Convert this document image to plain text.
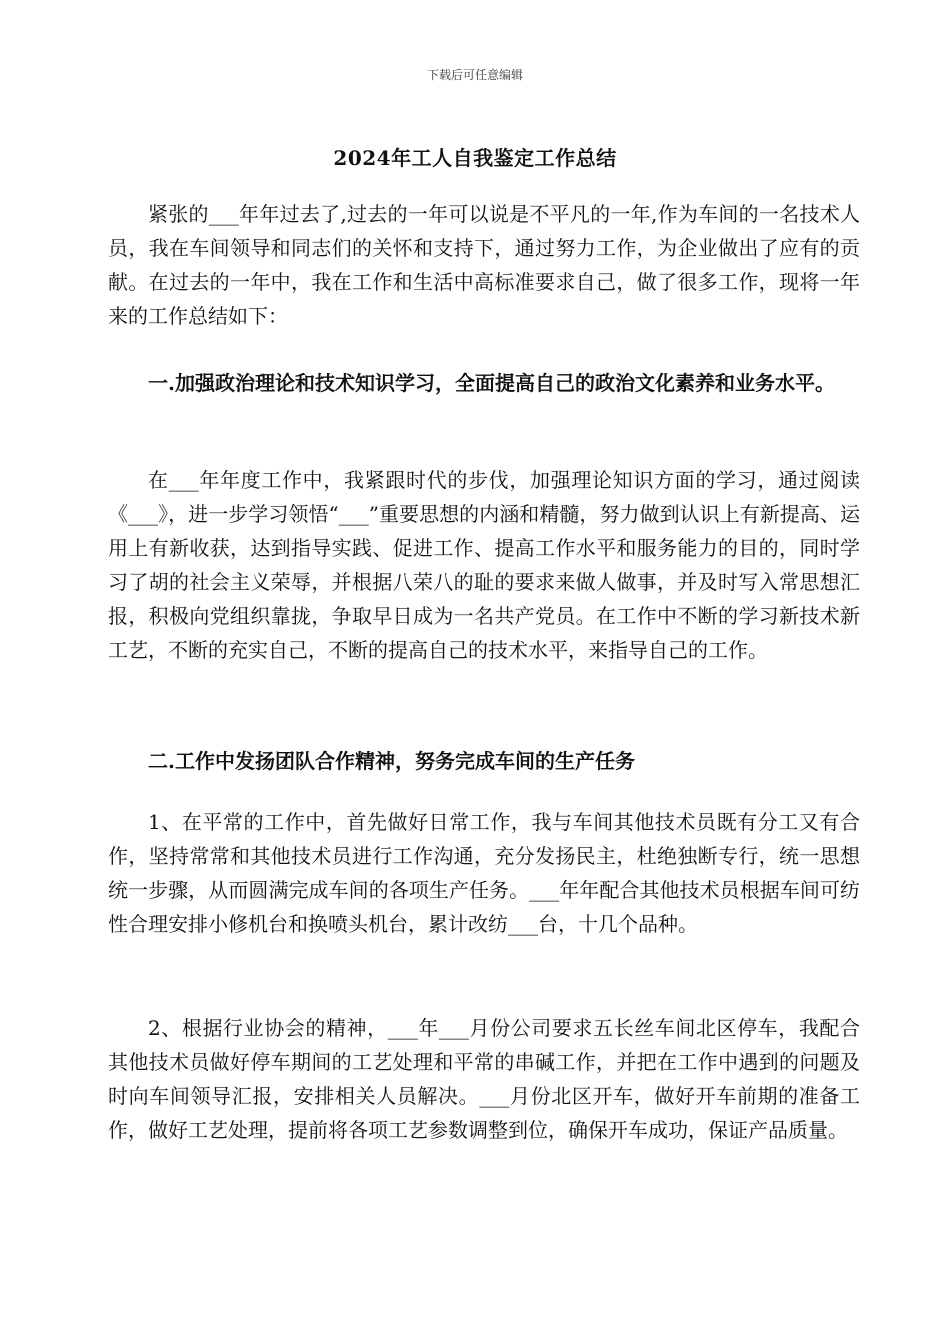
下载后可任意编辑
2024年工人自我鉴定工作总结

紧张的___年年过去了,过去的一年可以说是不平凡的一年,作为车间的一名技术人员，我在车间领导和同志们的关怀和支持下，通过努力工作，为企业做出了应有的贡献。在过去的一年中，我在工作和生活中高标准要求自己，做了很多工作，现将一年来的工作总结如下：

一.加强政治理论和技术知识学习，全面提高自己的政治文化素养和业务水平。

在___年年度工作中，我紧跟时代的步伐，加强理论知识方面的学习，通过阅读《___》，进一步学习领悟“___”重要思想的内涵和精髓，努力做到认识上有新提高、运用上有新收获，达到指导实践、促进工作、提高工作水平和服务能力的目的，同时学习了胡的社会主义荣辱，并根据八荣八的耻的要求来做人做事，并及时写入常思想汇报，积极向党组织靠拢，争取早日成为一名共产党员。在工作中不断的学习新技术新工艺，不断的充实自己，不断的提高自己的技术水平，来指导自己的工作。

二.工作中发扬团队合作精神，努务完成车间的生产任务

1、在平常的工作中，首先做好日常工作，我与车间其他技术员既有分工又有合作，坚持常常和其他技术员进行工作沟通，充分发扬民主，杜绝独断专行，统一思想统一步骤，从而圆满完成车间的各项生产任务。___年年配合其他技术员根据车间可纺性合理安排小修机台和换喷头机台，累计改纺___台，十几个品种。

2、根据行业协会的精神，___年___月份公司要求五长丝车间北区停车，我配合其他技术员做好停车期间的工艺处理和平常的串碱工作，并把在工作中遇到的问题及时向车间领导汇报，安排相关人员解决。___月份北区开车，做好开车前期的准备工作，做好工艺处理，提前将各项工艺参数调整到位，确保开车成功，保证产品质量。
